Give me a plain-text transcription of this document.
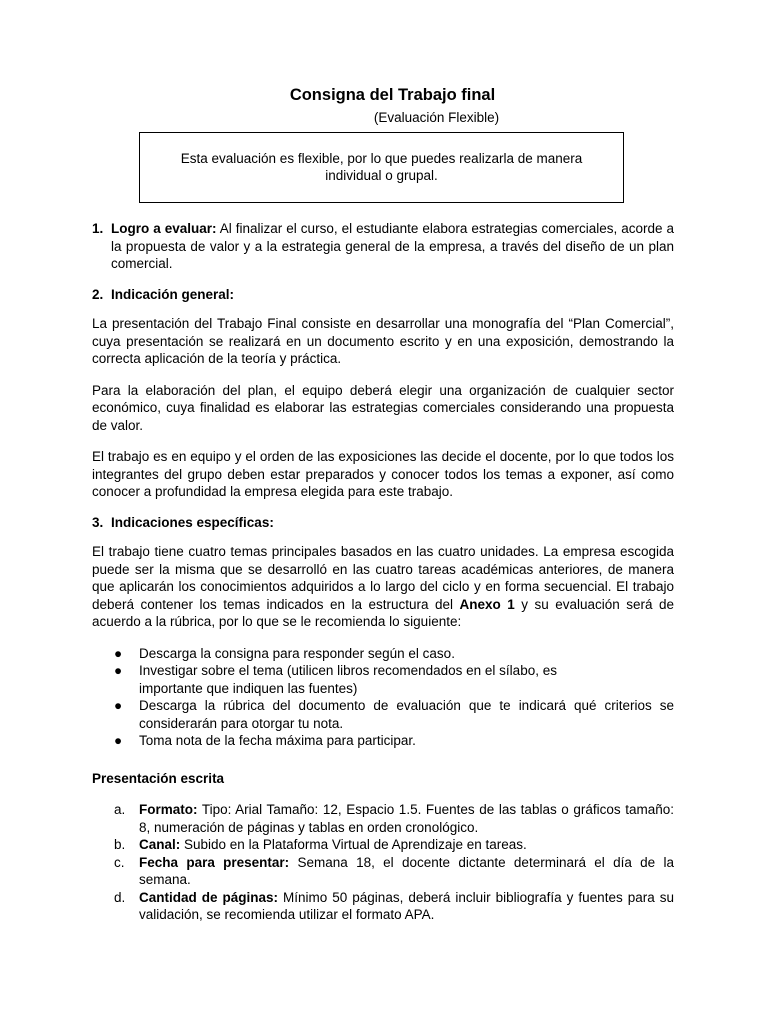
Consigna del Trabajo final

(Evaluación Flexible)

Esta evaluación es flexible, por lo que puedes realizarla de manera individual o grupal.
1. Logro a evaluar: Al finalizar el curso, el estudiante elabora estrategias comerciales, acorde a la propuesta de valor y a la estrategia general de la empresa, a través del diseño de un plan comercial.
2. Indicación general:

La presentación del Trabajo Final consiste en desarrollar una monografía del “Plan Comercial”, cuya presentación se realizará en un documento escrito y en una exposición, demostrando la correcta aplicación de la teoría y práctica.

Para la elaboración del plan, el equipo deberá elegir una organización de cualquier sector económico, cuya finalidad es elaborar las estrategias comerciales considerando una propuesta de valor.

El trabajo es en equipo y el orden de las exposiciones las decide el docente, por lo que todos los integrantes del grupo deben estar preparados y conocer todos los temas a exponer, así como conocer a profundidad la empresa elegida para este trabajo.

3. Indicaciones específicas:

El trabajo tiene cuatro temas principales basados en las cuatro unidades. La empresa escogida puede ser la misma que se desarrolló en las cuatro tareas académicas anteriores, de manera que aplicarán los conocimientos adquiridos a lo largo del ciclo y en forma secuencial. El trabajo deberá contener los temas indicados en la estructura del Anexo 1 y su evaluación será de acuerdo a la rúbrica, por lo que se le recomienda lo siguiente:

●	Descarga la consigna para responder según el caso.
●	Investigar sobre el tema (utilicen libros recomendados en el sílabo, es importante que indiquen las fuentes)
●	Descarga la rúbrica del documento de evaluación que te indicará qué criterios se considerarán para otorgar tu nota.
●	Toma nota de la fecha máxima para participar.

Presentación escrita

a.	Formato: Tipo: Arial Tamaño: 12, Espacio 1.5. Fuentes de las tablas o gráficos tamaño: 8, numeración de páginas y tablas en orden cronológico.
b.	Canal: Subido en la Plataforma Virtual de Aprendizaje en tareas.
c.	Fecha para presentar: Semana 18, el docente dictante determinará el día de la semana.
d.	Cantidad de páginas: Mínimo 50 páginas, deberá incluir bibliografía y fuentes para su validación, se recomienda utilizar el formato APA.
